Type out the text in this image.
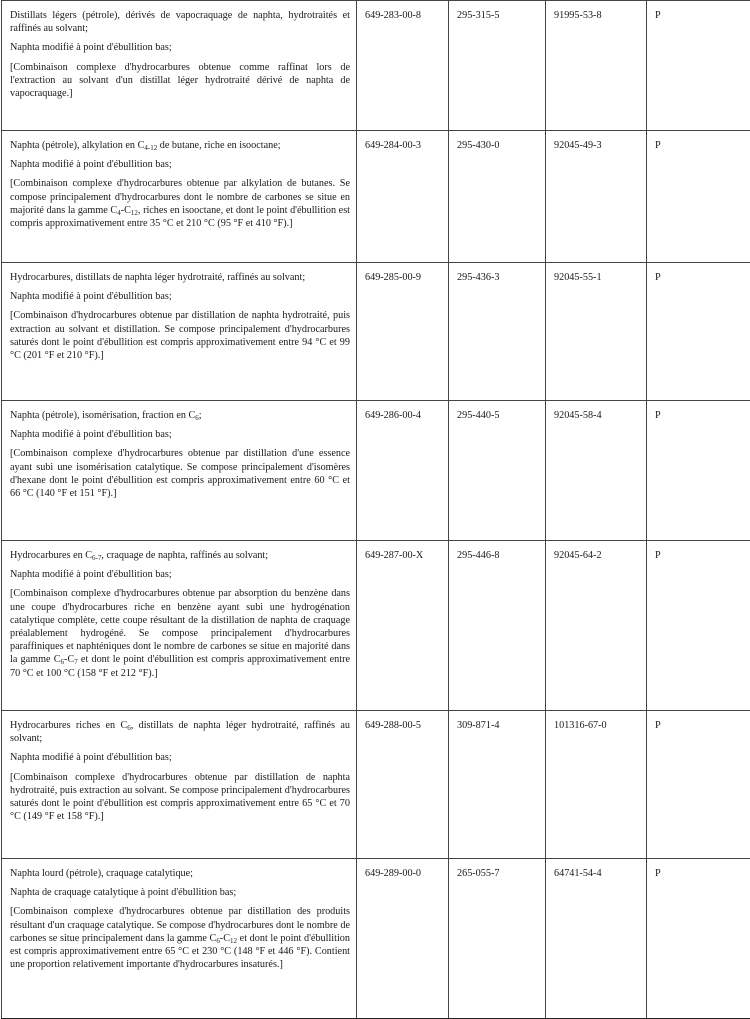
Distillats légers (pétrole), dérivés de vapocraquage de naphta, hydrotraités et raffinés au solvant;
Naphta modifié à point d'ébullition bas;
[Combinaison complexe d'hydrocarbures obtenue comme raffinat lors de l'extraction au solvant d'un distillat léger hydrotraité dérivé de naphta de vapocraquage.]	649-283-00-8	295-315-5	91995-53-8	P

Naphta (pétrole), alkylation en $C_{4-12}$ de butane, riche en isooctane;
Naphta modifié à point d'ébullition bas;
[Combinaison complexe d'hydrocarbures obtenue par alkylation de butanes. Se compose principalement d'hydrocarbures dont le nombre de carbones se situe en majorité dans la gamme $C_4-C_{12}$, riches en isooctane, et dont le point d'ébullition est compris approximativement entre 35 °C et 210 °C (95 °F et 410 °F).]	649-284-00-3	295-430-0	92045-49-3	P

Hydrocarbures, distillats de naphta léger hydrotraité, raffinés au solvant;
Naphta modifié à point d'ébullition bas;
[Combinaison d'hydrocarbures obtenue par distillation de naphta hydrotraité, puis extraction au solvant et distillation. Se compose principalement d'hydrocarbures saturés dont le point d'ébullition est compris approximativement entre 94 °C et 99 °C (201 °F et 210 °F).]	649-285-00-9	295-436-3	92045-55-1	P

Naphta (pétrole), isomérisation, fraction en $C_6$;
Naphta modifié à point d'ébullition bas;
[Combinaison complexe d'hydrocarbures obtenue par distillation d'une essence ayant subi une isomérisation catalytique. Se compose principalement d'isomères d'hexane dont le point d'ébullition est compris approximativement entre 60 °C et 66 °C (140 °F et 151 °F).]	649-286-00-4	295-440-5	92045-58-4	P

Hydrocarbures en $C_{6-7}$, craquage de naphta, raffinés au solvant;
Naphta modifié à point d'ébullition bas;
[Combinaison complexe d'hydrocarbures obtenue par absorption du benzène dans une coupe d'hydrocarbures riche en benzène ayant subi une hydrogénation catalytique complète, cette coupe résultant de la distillation de naphta de craquage préalablement hydrogéné. Se compose principalement d'hydrocarbures paraffiniques et naphténiques dont le nombre de carbones se situe en majorité dans la gamme $C_6-C_7$ et dont le point d'ébullition est compris approximativement entre 70 °C et 100 °C (158 °F et 212 °F).]	649-287-00-X	295-446-8	92045-64-2	P

Hydrocarbures riches en $C_6$, distillats de naphta léger hydrotraité, raffinés au solvant;
Naphta modifié à point d'ébullition bas;
[Combinaison complexe d'hydrocarbures obtenue par distillation de naphta hydrotraité, puis extraction au solvant. Se compose principalement d'hydrocarbures saturés dont le point d'ébullition est compris approximativement entre 65 °C et 70 °C (149 °F et 158 °F).]	649-288-00-5	309-871-4	101316-67-0	P

Naphta lourd (pétrole), craquage catalytique;
Naphta de craquage catalytique à point d'ébullition bas;
[Combinaison complexe d'hydrocarbures obtenue par distillation des produits résultant d'un craquage catalytique. Se compose d'hydrocarbures dont le nombre de carbones se situe principalement dans la gamme $C_6-C_{12}$ et dont le point d'ébullition est compris approximativement entre 65 °C et 230 °C (148 °F et 446 °F). Contient une proportion relativement importante d'hydrocarbures insaturés.]	649-289-00-0	265-055-7	64741-54-4	P
